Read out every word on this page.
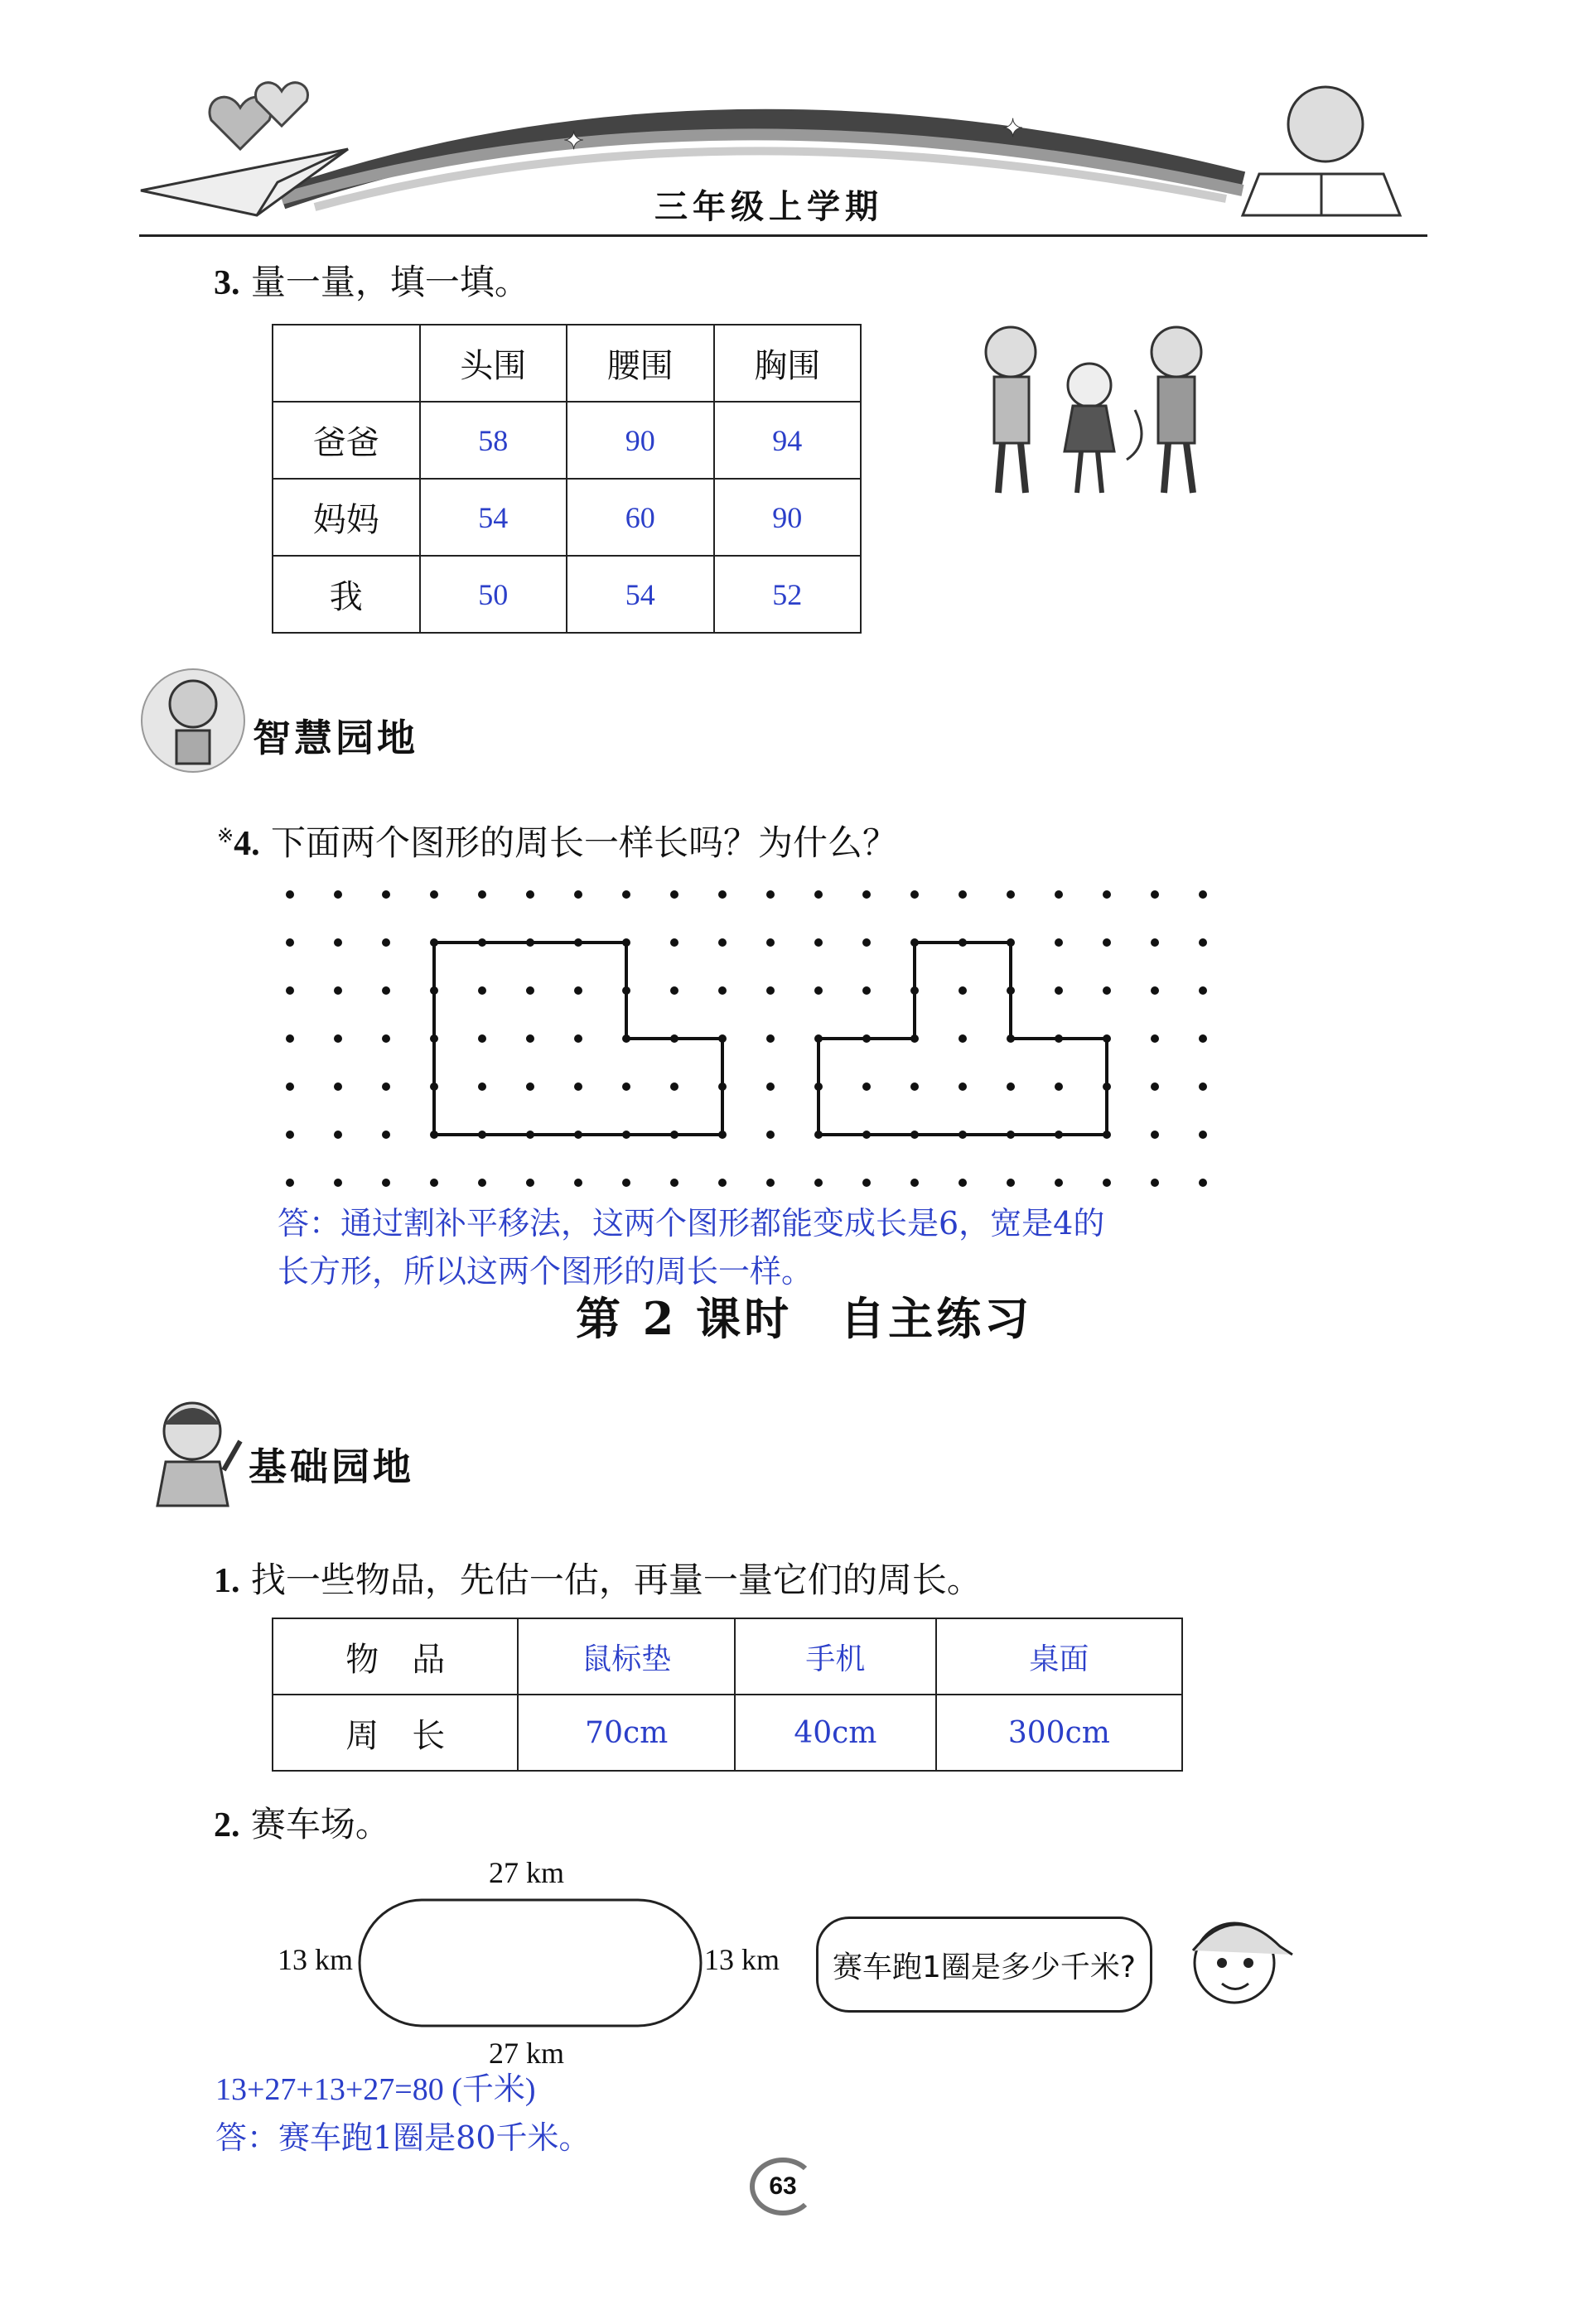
✦	✦
三年级上学期
3. 量一量，填一填。
	头围	腰围	胸围
爸爸	58	90	94
妈妈	54	60	90
我	50	54	52
智慧园地
※4. 下面两个图形的周长一样长吗？为什么？
答：通过割补平移法，这两个图形都能变成长是6，宽是4的
长方形，所以这两个图形的周长一样。
第 2 课时　自主练习
基础园地
1. 找一些物品，先估一估，再量一量它们的周长。
物　品	鼠标垫	手机	桌面
周　长	70cm	40cm	300cm
2. 赛车场。
27 km
27 km
13 km	13 km	赛车跑1圈是多少千米?
13+27+13+27=80 (千米)
答：赛车跑1圈是80千米。
63
